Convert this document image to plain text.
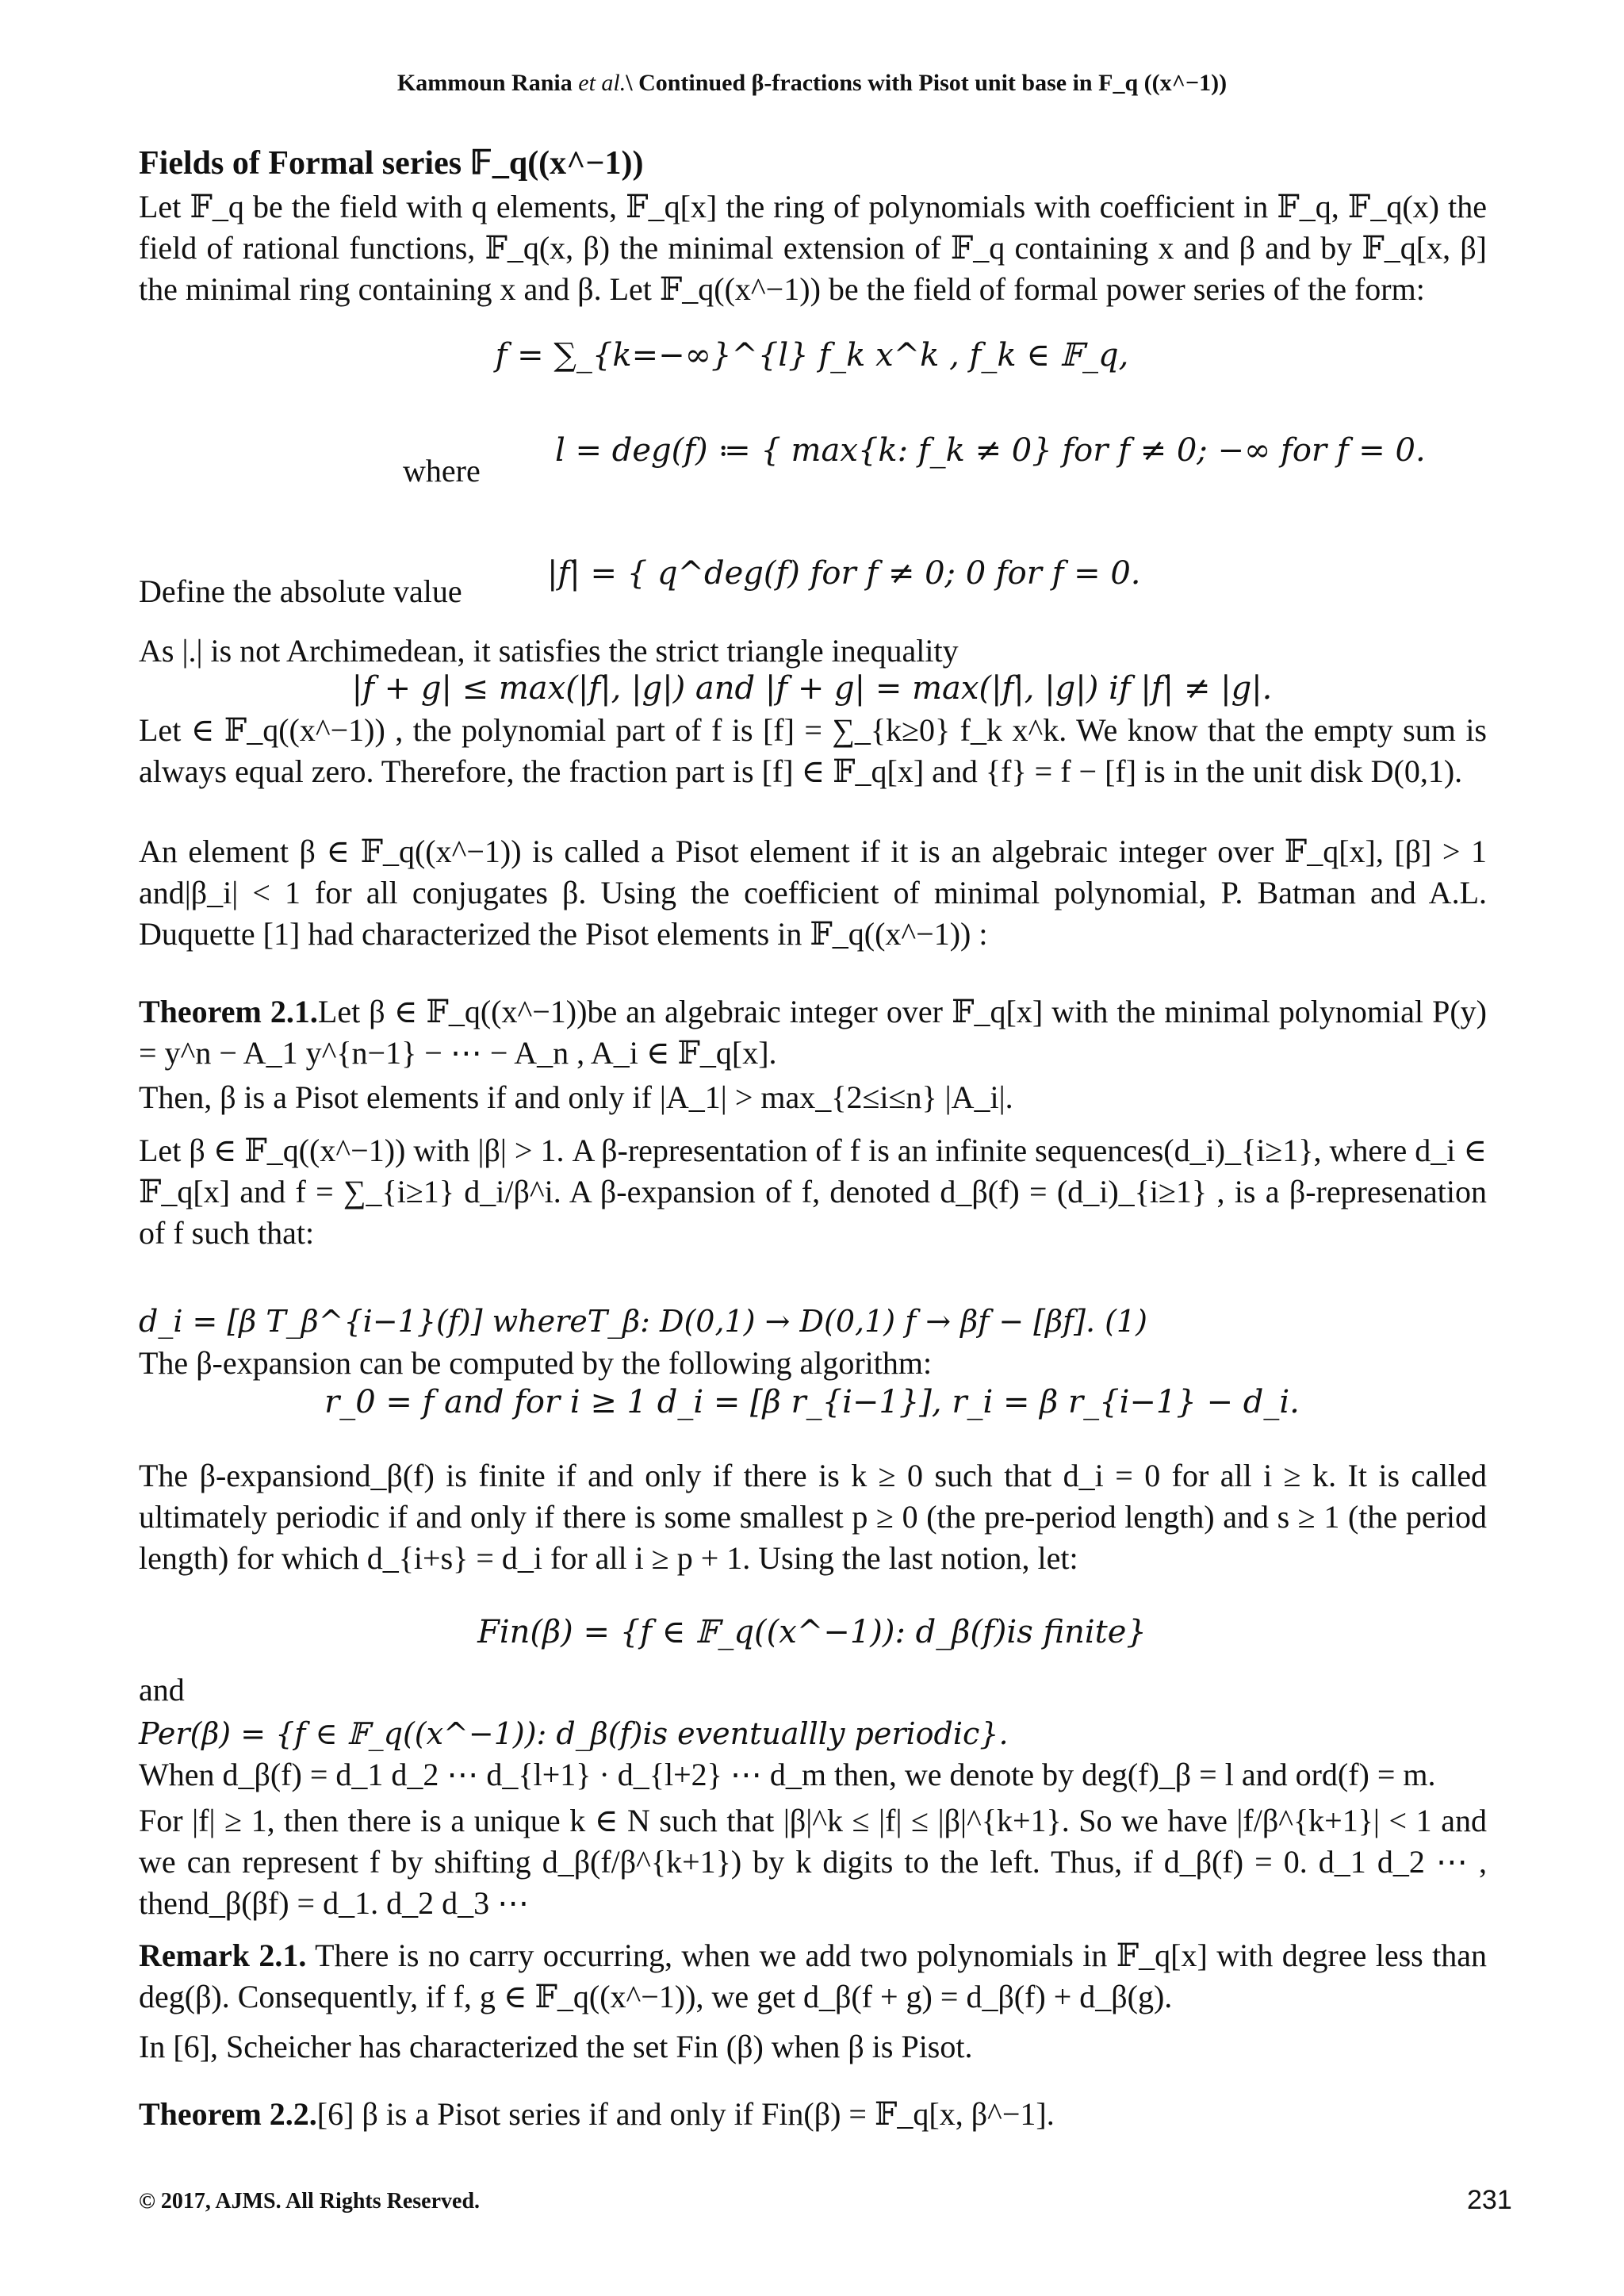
Kammoun Rania et al.\ Continued β-fractions with Pisot unit base in F_q ((x^−1))
Fields of Formal series 𝔽_q((x^−1))
Let 𝔽_q be the field with q elements, 𝔽_q[x] the ring of polynomials with coefficient in 𝔽_q, 𝔽_q(x) the field of rational functions, 𝔽_q(x, β) the minimal extension of 𝔽_q containing x and β and by 𝔽_q[x, β] the minimal ring containing x and β. Let 𝔽_q((x^−1)) be the field of formal power series of the form:
f = ∑_{k=−∞}^{l} f_k x^k , f_k ∈ 𝔽_q,
where
l = deg(f) ≔ { max{k: f_k ≠ 0} for f ≠ 0; −∞ for f = 0.
Define the absolute value	|f| = { q^deg(f) for f ≠ 0; 0 for f = 0.
As |.| is not Archimedean, it satisfies the strict triangle inequality
|f + g| ≤ max(|f|, |g|) and |f + g| = max(|f|, |g|) if |f| ≠ |g|.
Let ∈ 𝔽_q((x^−1)) , the polynomial part of f is [f] = ∑_{k≥0} f_k x^k. We know that the empty sum is always equal zero. Therefore, the fraction part is [f] ∈ 𝔽_q[x] and {f} = f − [f] is in the unit disk D(0,1).
An element β ∈ 𝔽_q((x^−1)) is called a Pisot element if it is an algebraic integer over 𝔽_q[x], [β] > 1 and|β_i| < 1 for all conjugates β. Using the coefficient of minimal polynomial, P. Batman and A.L. Duquette [1] had characterized the Pisot elements in 𝔽_q((x^−1)) :
Theorem 2.1.Let β ∈ 𝔽_q((x^−1))be an algebraic integer over 𝔽_q[x] with the minimal polynomial P(y) = y^n − A_1 y^{n−1} − ⋯ − A_n , A_i ∈ 𝔽_q[x].
Then, β is a Pisot elements if and only if |A_1| > max_{2≤i≤n} |A_i|.
Let β ∈ 𝔽_q((x^−1)) with |β| > 1. A β-representation of f is an infinite sequences(d_i)_{i≥1}, where d_i ∈ 𝔽_q[x] and f = ∑_{i≥1} d_i/β^i. A β-expansion of f, denoted d_β(f) = (d_i)_{i≥1} , is a β-represenation of f such that:
d_i = [β T_β^{i−1}(f)] whereT_β: D(0,1) → D(0,1) f → βf − [βf]. (1)
The β-expansion can be computed by the following algorithm:
r_0 = f and for i ≥ 1 d_i = [β r_{i−1}], r_i = β r_{i−1} − d_i.
The β-expansiond_β(f) is finite if and only if there is k ≥ 0 such that d_i = 0 for all i ≥ k. It is called ultimately periodic if and only if there is some smallest p ≥ 0 (the pre-period length) and s ≥ 1 (the period length) for which d_{i+s} = d_i for all i ≥ p + 1. Using the last notion, let:
Fin(β) = {f ∈ 𝔽_q((x^−1)): d_β(f)is finite}
and
Per(β) = {f ∈ 𝔽_q((x^−1)): d_β(f)is eventuallly periodic}.
When d_β(f) = d_1 d_2 ⋯ d_{l+1} · d_{l+2} ⋯ d_m then, we denote by deg(f)_β = l and ord(f) = m.
For |f| ≥ 1, then there is a unique k ∈ N such that |β|^k ≤ |f| ≤ |β|^{k+1}. So we have |f/β^{k+1}| < 1 and we can represent f by shifting d_β(f/β^{k+1}) by k digits to the left. Thus, if d_β(f) = 0. d_1 d_2 ⋯ , thend_β(βf) = d_1. d_2 d_3 ⋯
Remark 2.1. There is no carry occurring, when we add two polynomials in 𝔽_q[x] with degree less than deg(β). Consequently, if f, g ∈ 𝔽_q((x^−1)), we get d_β(f + g) = d_β(f) + d_β(g).
In [6], Scheicher has characterized the set Fin (β) when β is Pisot.
Theorem 2.2.[6] β is a Pisot series if and only if Fin(β) = 𝔽_q[x, β^−1].
© 2017, AJMS. All Rights Reserved.	231
